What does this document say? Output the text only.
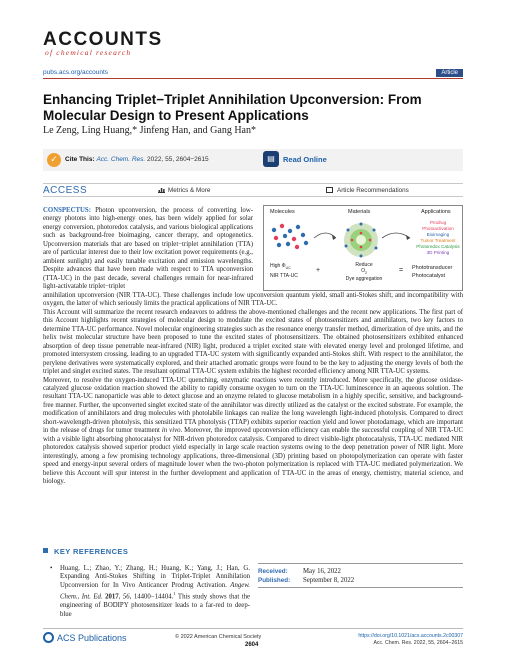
ACCOUNTS
of chemical research
pubs.acs.org/accounts	Article
Enhancing Triplet−Triplet Annihilation Upconversion: From Molecular Design to Present Applications
Le Zeng, Ling Huang,* Jinfeng Han, and Gang Han*
✓	Cite This: Acc. Chem. Res. 2022, 55, 2604−2615	▤	Read Online
ACCESS	Metrics & More	Article Recommendations
CONSPECTUS: Photon upconversion, the process of converting low-energy photons into high-energy ones, has been widely applied for solar energy conversion, photoredox catalysis, and various biological applications such as background-free bioimaging, cancer therapy, and optogenetics. Upconversion materials that are based on triplet−triplet annihilation (TTA) are of particular interest due to their low excitation power requirements (e.g., ambient sunlight) and easily tunable excitation and emission wavelengths. Despite advances that have been made with respect to TTA upconversion (TTA-UC) in the past decade, several challenges remain for near-infrared light-activatable triplet−triplet
Molecules	Materials	Applications
Prodrug Photoactivation
Bioimaging
Tumor Treatment
Photoredox Catalysis
3D Printing
High $\Phi_{UC}$
NIR TTA-UC
+
Reduce
$O_2$
Dye aggregation
= Phototransducer
Photocatalyst

annihilation upconversion (NIR TTA-UC). These challenges include low upconversion quantum yield, small anti-Stokes shift, and incompatibility with oxygen, the latter of which seriously limits the practical applications of NIR TTA-UC.

This Account will summarize the recent research endeavors to address the above-mentioned challenges and the recent new applications. The first part of this Account highlights recent strategies of molecular design to modulate the excited states of photosensitizers and annihilators, two key factors to determine TTA-UC performance. Novel molecular engineering strategies such as the resonance energy transfer method, dimerization of dye units, and the helix twist molecular structure have been proposed to tune the excited states of photosensitizers. The obtained photosensitizers exhibited enhanced absorption of deep tissue penetrable near-infrared (NIR) light, produced a triplet excited state with elevated energy level and prolonged lifetime, and promoted intersystem crossing, leading to an upgraded TTA-UC system with significantly expanded anti-Stokes shift. With respect to the annihilator, the perylene derivatives were systematically explored, and their attached aromatic groups were found to be the key to adjusting the energy levels of both the triplet and singlet excited states. The resultant optimal TTA-UC system exhibits the highest recorded efficiency among NIR TTA-UC systems.

Moreover, to resolve the oxygen-induced TTA-UC quenching, enzymatic reactions were recently introduced. More specifically, the glucose oxidase-catalyzed glucose oxidation reaction showed the ability to rapidly consume oxygen to turn on the TTA-UC luminescence in an aqueous solution. The resultant TTA-UC nanoparticle was able to detect glucose and an enzyme related to glucose metabolism in a highly specific, sensitive, and background-free manner. Further, the upconverted singlet excited state of the annihilator was directly utilized as the catalyst or the excited substrate. For example, the modification of annihilators and drug molecules with photolabile linkages can realize the long wavelength light-induced photolysis. Compared to direct short-wavelength-driven photolysis, this sensitized TTA photolysis (TTAP) exhibits superior reaction yield and lower photodamage, which are important in the release of drugs for tumor treatment in vivo. Moreover, the improved upconversion efficiency can enable the successful coupling of NIR TTA-UC with a visible light absorbing photocatalyst for NIR-driven photoredox catalysis. Compared to direct visible-light photocatalysis, TTA-UC mediated NIR photoredox catalysis showed superior product yield especially in large scale reaction systems owing to the deep penetration power of NIR light. More interestingly, among a few promising technology applications, three-dimensional (3D) printing based on photopolymerization can operate with faster speed and energy-input several orders of magnitude lower when the two-photon polymerization is replaced with TTA-UC mediated polymerization. We believe this Account will spur interest in the further development and application of TTA-UC in the areas of energy, chemistry, material science, and biology.

KEY REFERENCES
• Huang, L.; Zhao, Y.; Zhang, H.; Huang, K.; Yang, J.; Han, G. Expanding Anti-Stokes Shifting in Triplet-Triplet Annihilation Upconversion for In Vivo Anticancer Prodrug Activation. Angew. Chem., Int. Ed. 2017, 56, 14400−14404.$^1$ This study shows that the engineering of BODIPY photosensitizer leads to a far-red to deep-blue
Received: May 16, 2022
Published: September 8, 2022
ACS Publications	© 2022 American Chemical Society
2604
https://doi.org/10.1021/acs.accounts.2c00307
Acc. Chem. Res. 2022, 55, 2604−2615
